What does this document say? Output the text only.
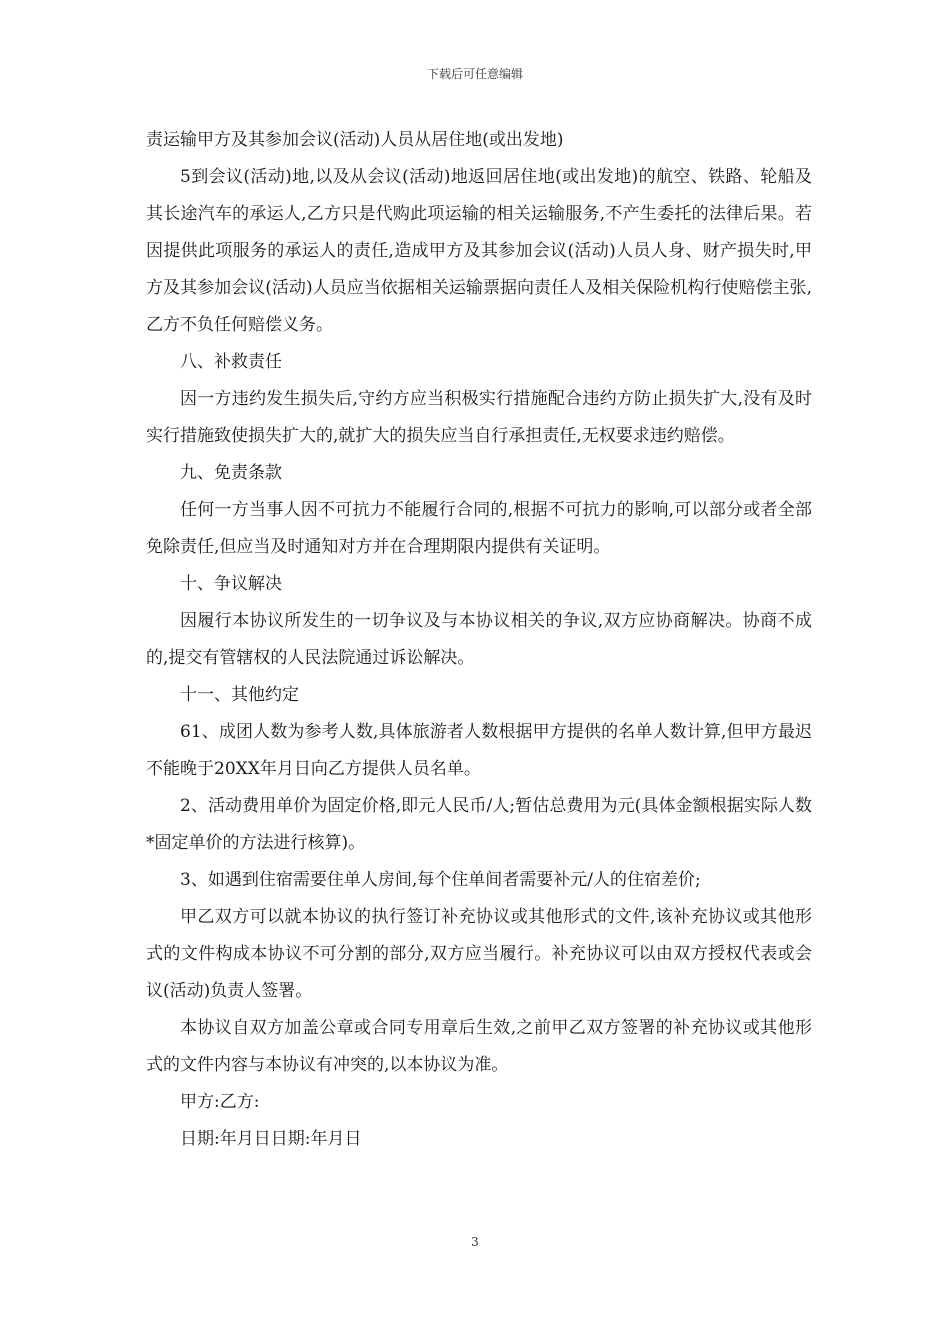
下载后可任意编辑

责运输甲方及其参加会议(活动)人员从居住地(或出发地)

5到会议(活动)地,以及从会议(活动)地返回居住地(或出发地)的航空、铁路、轮船及其长途汽车的承运人,乙方只是代购此项运输的相关运输服务,不产生委托的法律后果。若因提供此项服务的承运人的责任,造成甲方及其参加会议(活动)人员人身、财产损失时,甲方及其参加会议(活动)人员应当依据相关运输票据向责任人及相关保险机构行使赔偿主张,乙方不负任何赔偿义务。

八、补救责任

因一方违约发生损失后,守约方应当积极实行措施配合违约方防止损失扩大,没有及时实行措施致使损失扩大的,就扩大的损失应当自行承担责任,无权要求违约赔偿。

九、免责条款

任何一方当事人因不可抗力不能履行合同的,根据不可抗力的影响,可以部分或者全部免除责任,但应当及时通知对方并在合理期限内提供有关证明。

十、争议解决

因履行本协议所发生的一切争议及与本协议相关的争议,双方应协商解决。协商不成的,提交有管辖权的人民法院通过诉讼解决。

十一、其他约定

61、成团人数为参考人数,具体旅游者人数根据甲方提供的名单人数计算,但甲方最迟不能晚于20XX年月日向乙方提供人员名单。

2、活动费用单价为固定价格,即元人民币/人;暂估总费用为元(具体金额根据实际人数*固定单价的方法进行核算)。

3、如遇到住宿需要住单人房间,每个住单间者需要补元/人的住宿差价;

甲乙双方可以就本协议的执行签订补充协议或其他形式的文件,该补充协议或其他形式的文件构成本协议不可分割的部分,双方应当履行。补充协议可以由双方授权代表或会议(活动)负责人签署。

本协议自双方加盖公章或合同专用章后生效,之前甲乙双方签署的补充协议或其他形式的文件内容与本协议有冲突的,以本协议为准。

甲方:乙方:

日期:年月日日期:年月日

3
